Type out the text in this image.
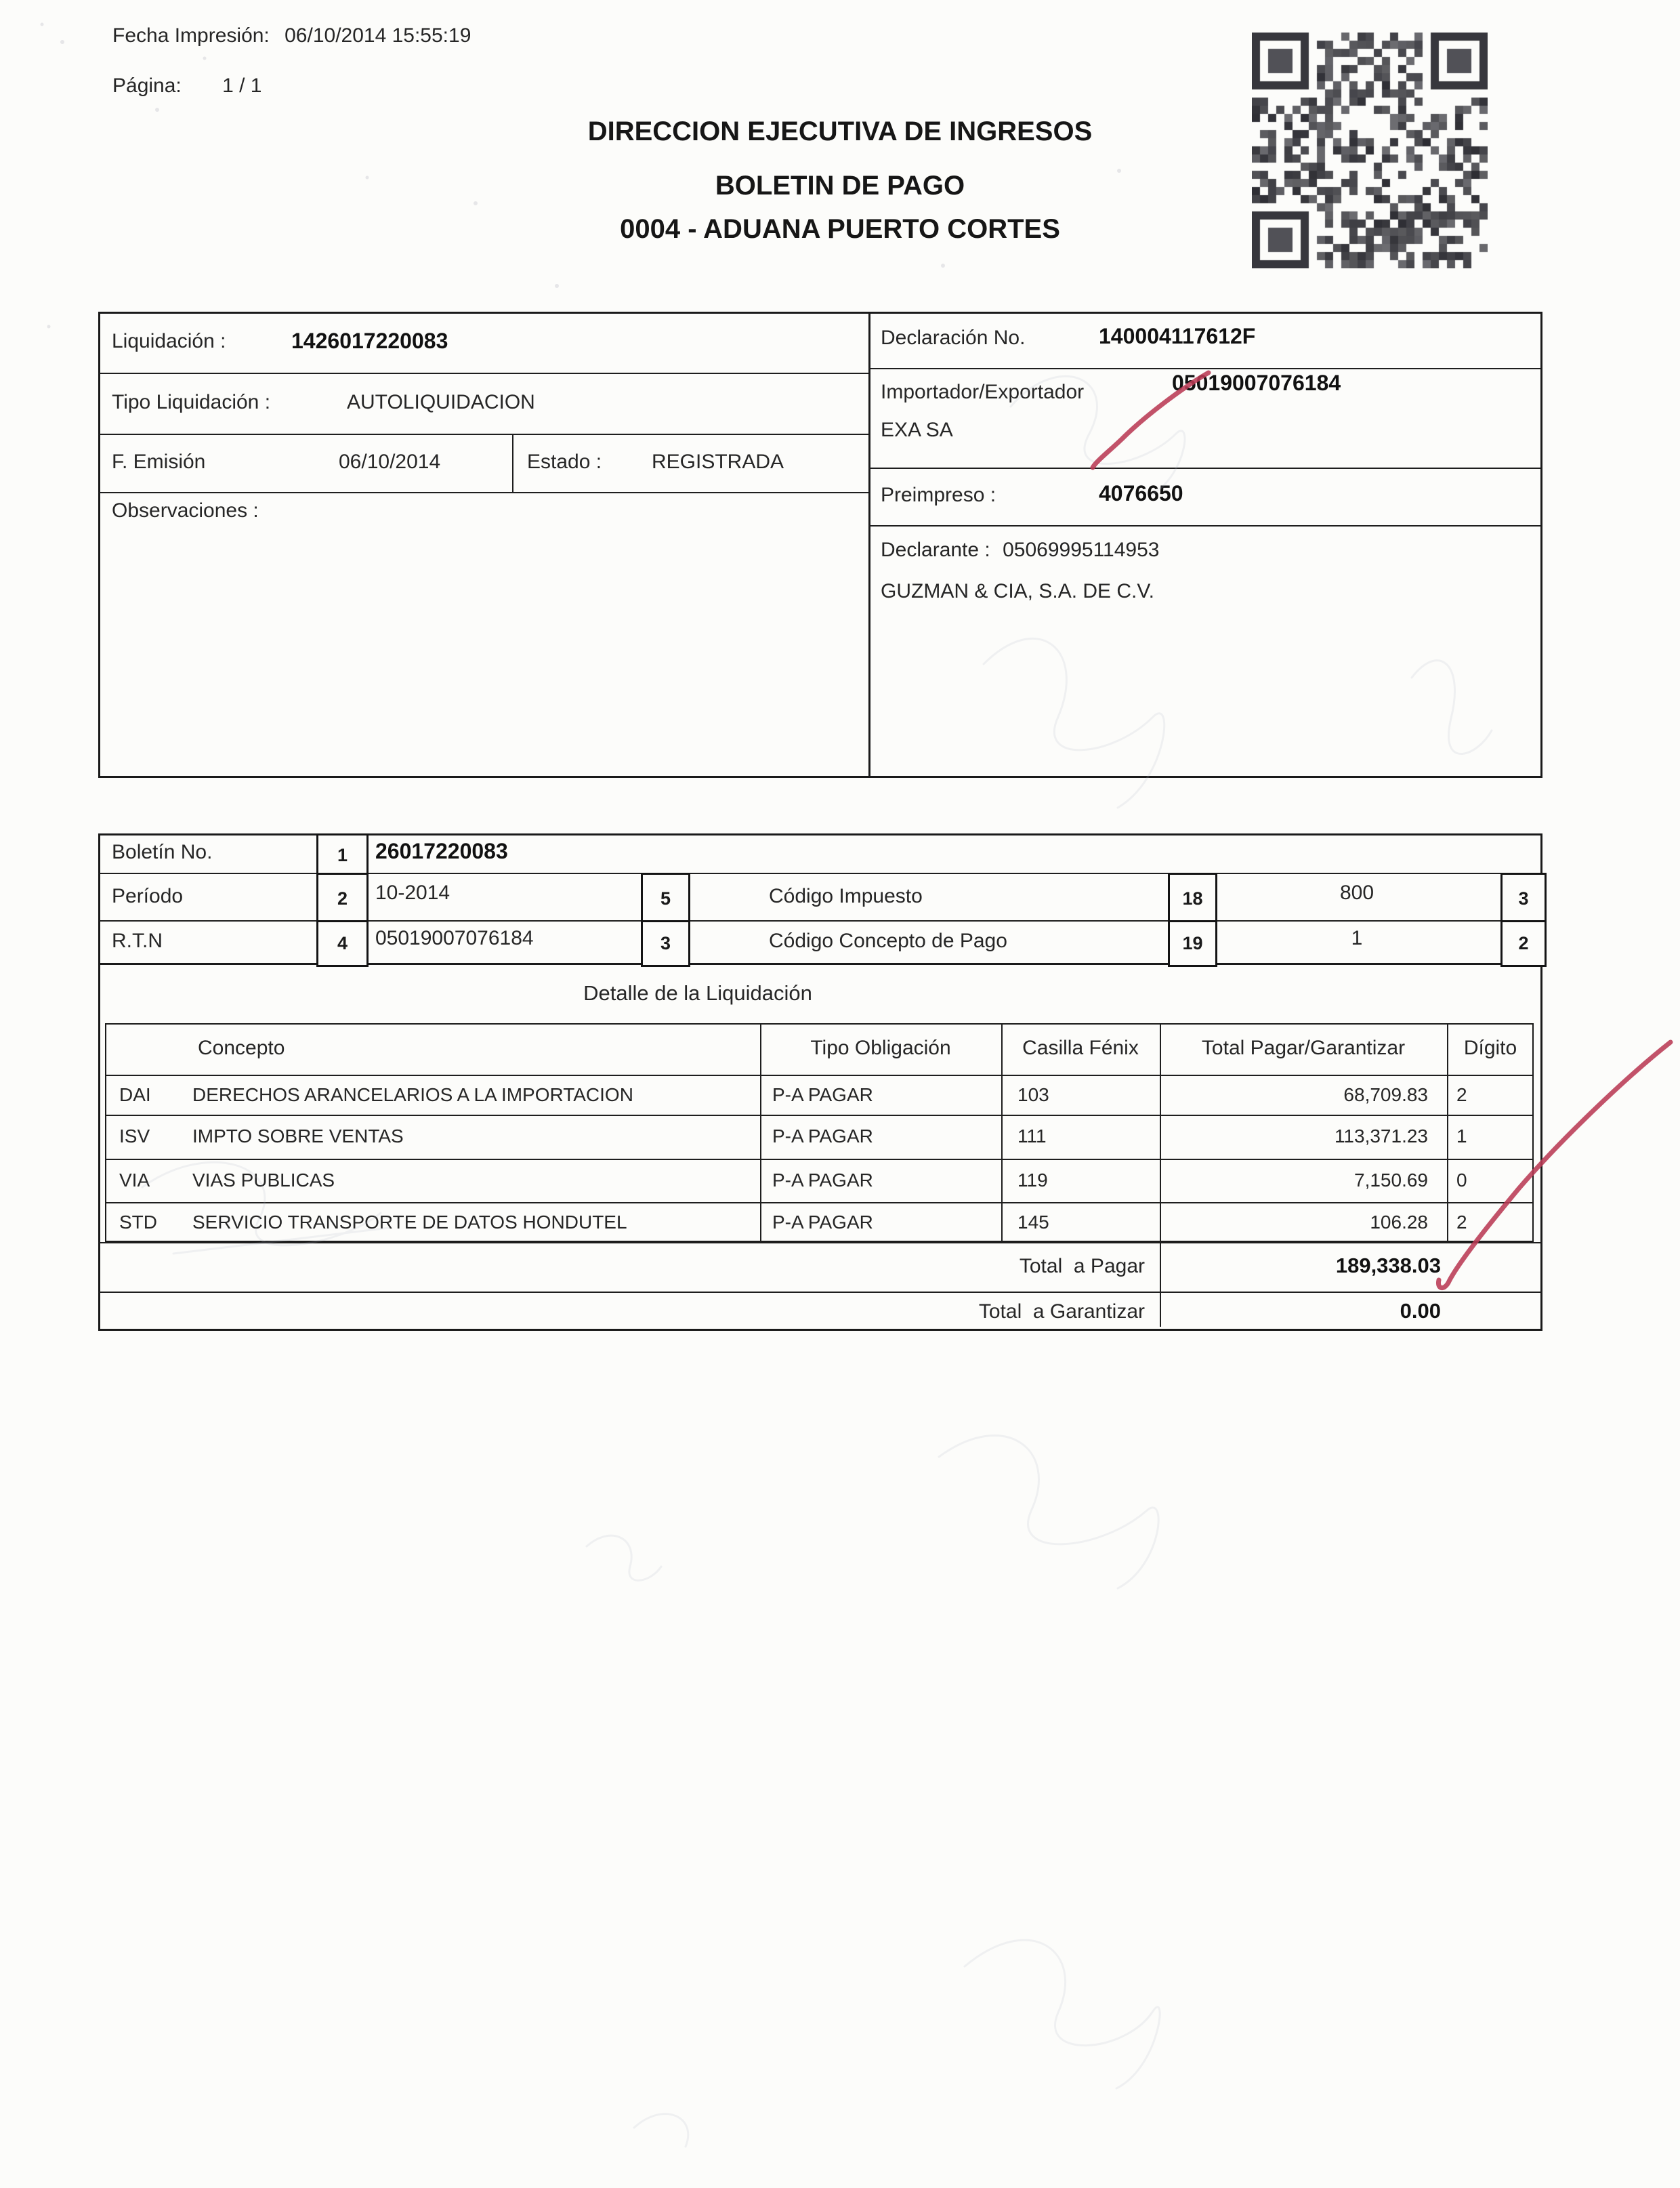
Fecha Impresión: 06/10/2014 15:55:19
Página: 1 / 1
DIRECCION EJECUTIVA DE INGRESOS
BOLETIN DE PAGO
0004 - ADUANA PUERTO CORTES
Liquidación :	1426017220083
Tipo Liquidación :	AUTOLIQUIDACION
F. Emisión	06/10/2014	Estado : REGISTRADA
Observaciones :
Declaración No.	140004117612F
Importador/Exportador	05019007076184
EXA SA
Preimpreso :	4076650
Declarante : 05069995114953
GUZMAN & CIA, S.A. DE C.V.
1
2
4
5
3
18
19
3
2
Boletín No.	26017220083
Período	10-2014	Código Impuesto	800
R.T.N	05019007076184	Código Concepto de Pago	1
Detalle de la Liquidación
Concepto	Tipo Obligación	Casilla Fénix	Total Pagar/Garantizar	Dígito
DAI DERECHOS ARANCELARIOS A LA IMPORTACION	P-A PAGAR	103	68,709.83 2
ISV IMPTO SOBRE VENTAS	P-A PAGAR	111	113,371.23 1
VIA VIAS PUBLICAS	P-A PAGAR	119	7,150.69 0
STD SERVICIO TRANSPORTE DE DATOS HONDUTEL	P-A PAGAR	145	106.28 2
Total  a Pagar	189,338.03
Total  a Garantizar	0.00
